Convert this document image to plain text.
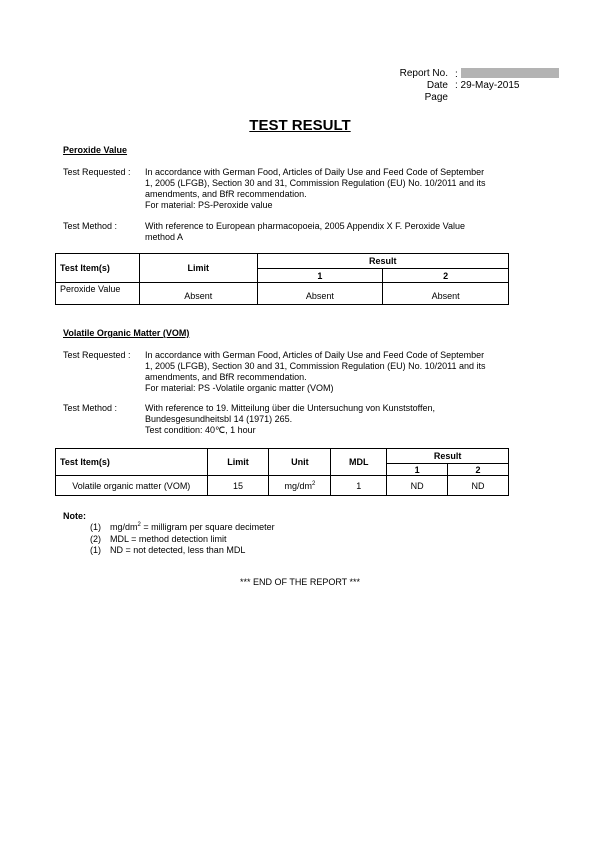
Report No. :
Date : 29-May-2015
Page
TEST RESULT
Peroxide Value
Test Requested :	In accordance with German Food, Articles of Daily Use and Feed Code of September
1, 2005 (LFGB), Section 30 and 31, Commission Regulation (EU) No. 10/2011 and its
amendments, and BfR recommendation.
For material: PS-Peroxide value
Test Method :	With reference to European pharmacopoeia, 2005 Appendix X F. Peroxide Value
method A
Test Item(s)	Limit	Result	
		1	2
Peroxide Value	Absent	Absent	Absent
Volatile Organic Matter (VOM)
Test Requested :	In accordance with German Food, Articles of Daily Use and Feed Code of September
1, 2005 (LFGB), Section 30 and 31, Commission Regulation (EU) No. 10/2011 and its
amendments, and BfR recommendation.
For material: PS -Volatile organic matter (VOM)
Test Method :	With reference to 19. Mitteilung über die Untersuchung von Kunststoffen,
Bundesgesundheitsbl 14 (1971) 265.
Test condition: 40℃, 1 hour
Test Item(s)	Limit	Unit	MDL	Result	
				1	2
Volatile organic matter (VOM)	15	$mg/dm^2$	1	ND	ND
Note:
(1) $mg/dm^2$ = milligram per square decimeter
(2) MDL = method detection limit
(1) ND = not detected, less than MDL
*** END OF THE REPORT ***
